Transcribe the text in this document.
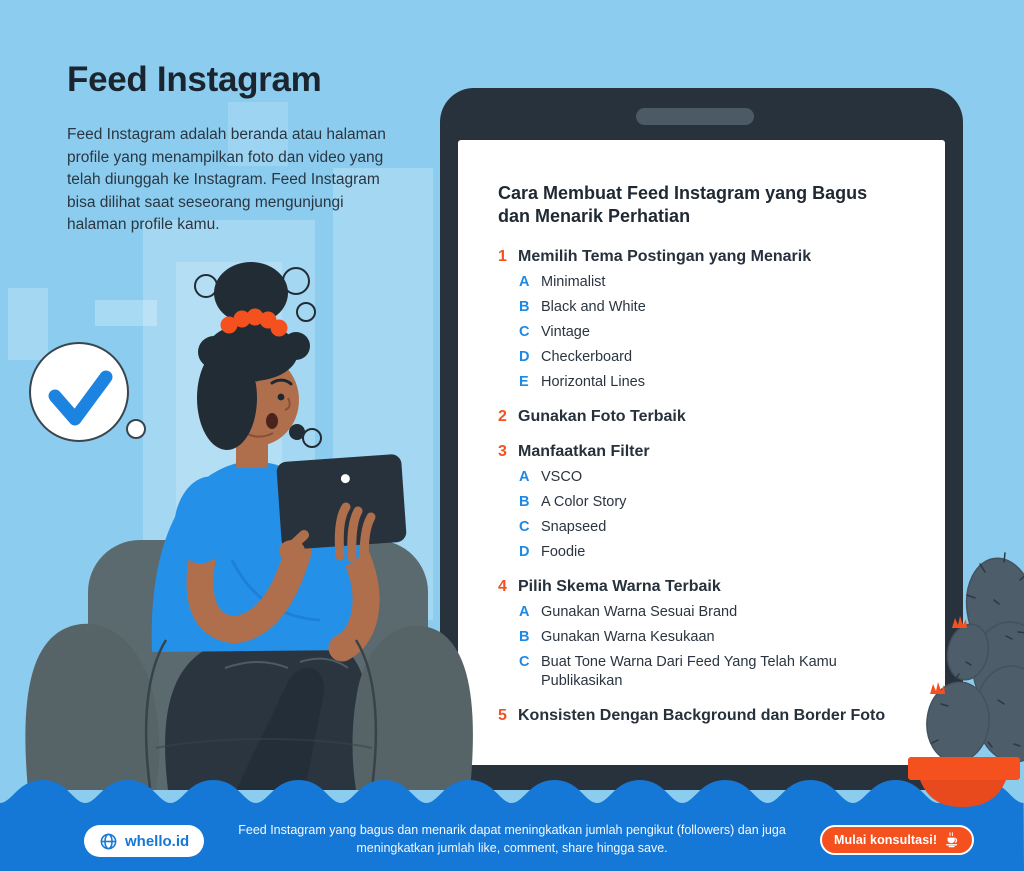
Feed Instagram

Feed Instagram adalah beranda atau halaman profile yang menampilkan foto dan video yang telah diunggah ke Instagram. Feed Instagram bisa dilihat saat seseorang mengunjungi halaman profile kamu.

Cara Membuat Feed Instagram yang Bagus dan Menarik Perhatian
1 Memilih Tema Postingan yang Menarik
A Minimalist
B Black and White
C Vintage
D Checkerboard
E Horizontal Lines
2 Gunakan Foto Terbaik
3 Manfaatkan Filter
A VSCO
B A Color Story
C Snapseed
D Foodie
4 Pilih Skema Warna Terbaik
A Gunakan Warna Sesuai Brand
B Gunakan Warna Kesukaan
C Buat Tone Warna Dari Feed Yang Telah Kamu Publikasikan
5 Konsisten Dengan Background dan Border Foto
whello.id
Feed Instagram yang bagus dan menarik dapat meningkatkan jumlah pengikut (followers) dan juga
meningkatkan jumlah like, comment, share hingga save.
Mulai konsultasi!
